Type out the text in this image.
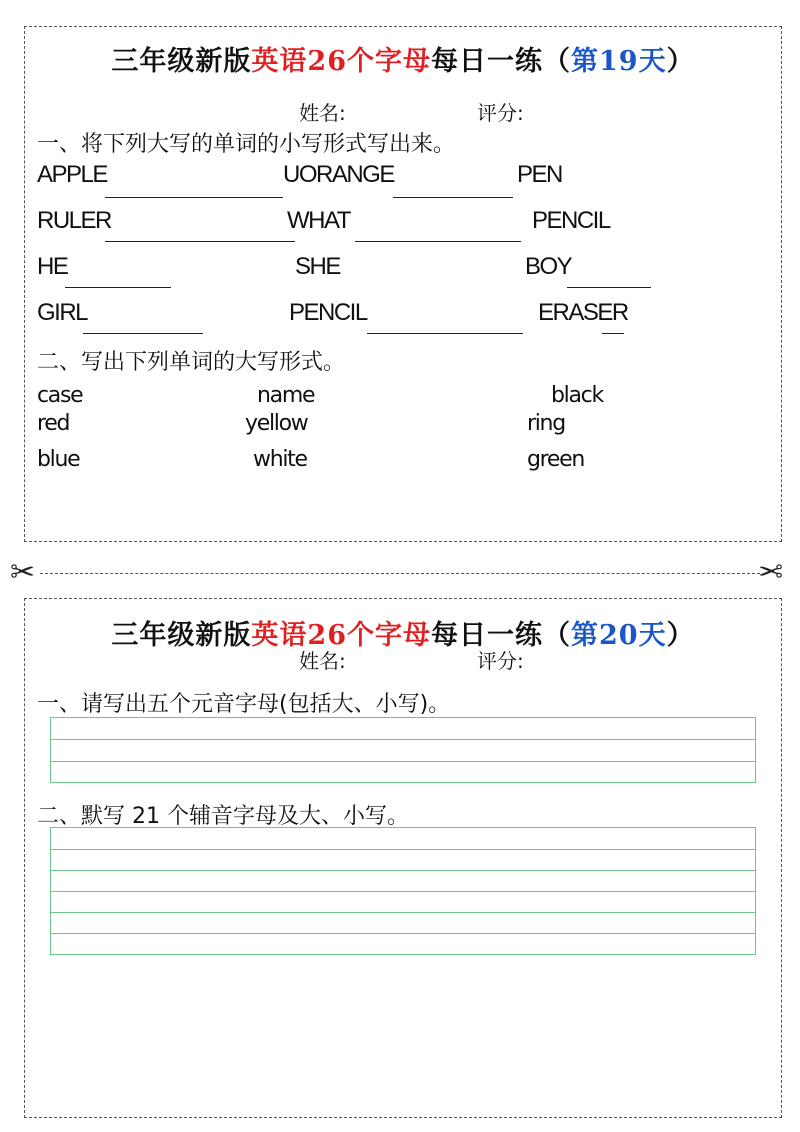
三年级新版英语26个字母每日一练（第19天）
姓名:	评分:
一、将下列大写的单词的小写形式写出来。
APPLE	UORANGE	PEN
RULER	WHAT	PENCIL
HE	SHE	BOY
GIRL	PENCIL	ERASER
二、写出下列单词的大写形式。
case	name	black
red	yellow	ring
blue	white	green
✂	✂
三年级新版英语26个字母每日一练（第20天）
姓名:	评分:
一、请写出五个元音字母(包括大、小写)。
二、默写 21 个辅音字母及大、小写。
